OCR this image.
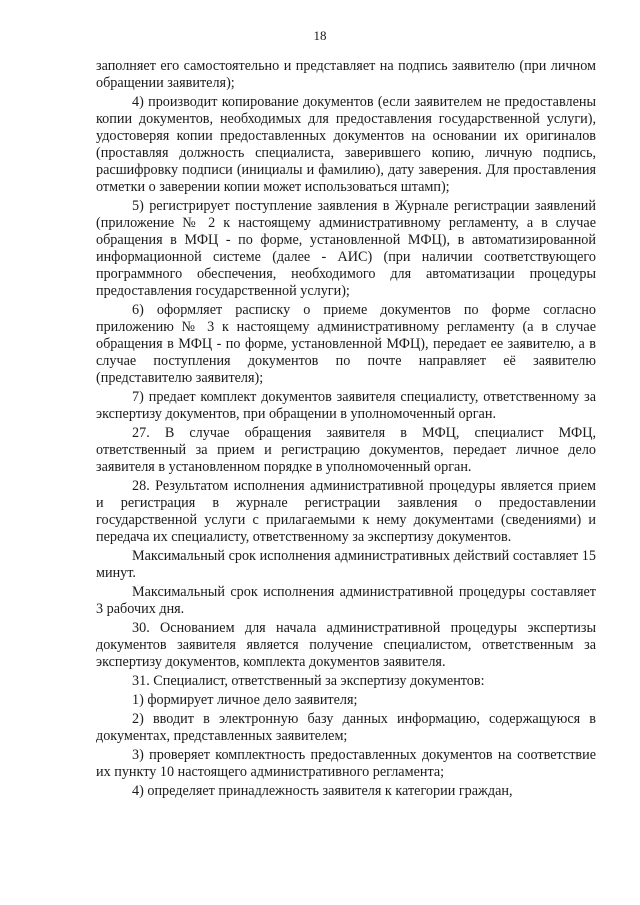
18

заполняет его самостоятельно и представляет на подпись заявителю (при личном обращении заявителя);

4) производит копирование документов (если заявителем не предоставлены копии документов, необходимых для предоставления государственной услуги), удостоверяя копии предоставленных документов на основании их оригиналов (проставляя должность специалиста, заверившего копию, личную подпись, расшифровку подписи (инициалы и фамилию), дату заверения. Для проставления отметки о заверении копии может использоваться штамп);

5) регистрирует поступление заявления в Журнале регистрации заявлений (приложение № 2 к настоящему административному регламенту, а в случае обращения в МФЦ - по форме, установленной МФЦ), в автоматизированной информационной системе (далее - АИС) (при наличии соответствующего программного обеспечения, необходимого для автоматизации процедуры предоставления государственной услуги);

6) оформляет расписку о приеме документов по форме согласно приложению № 3 к настоящему административному регламенту (а в случае обращения в МФЦ - по форме, установленной МФЦ), передает ее заявителю, а в случае поступления документов по почте направляет её заявителю (представителю заявителя);

7) предает комплект документов заявителя специалисту, ответственному за экспертизу документов, при обращении в уполномоченный орган.

27. В случае обращения заявителя в МФЦ, специалист МФЦ, ответственный за прием и регистрацию документов, передает личное дело заявителя в установленном порядке в уполномоченный орган.

28. Результатом исполнения административной процедуры является прием и регистрация в журнале регистрации заявления о предоставлении государственной услуги с прилагаемыми к нему документами (сведениями) и передача их специалисту, ответственному за экспертизу документов.

Максимальный срок исполнения административных действий составляет 15 минут.

Максимальный срок исполнения административной процедуры составляет 3 рабочих дня.

30. Основанием для начала административной процедуры экспертизы документов заявителя является получение специалистом, ответственным за экспертизу документов, комплекта документов заявителя.

31. Специалист, ответственный за экспертизу документов:

1) формирует личное дело заявителя;

2) вводит в электронную базу данных информацию, содержащуюся в документах, представленных заявителем;

3) проверяет комплектность предоставленных документов на соответствие их пункту 10 настоящего административного регламента;

4) определяет принадлежность заявителя к категории граждан,
